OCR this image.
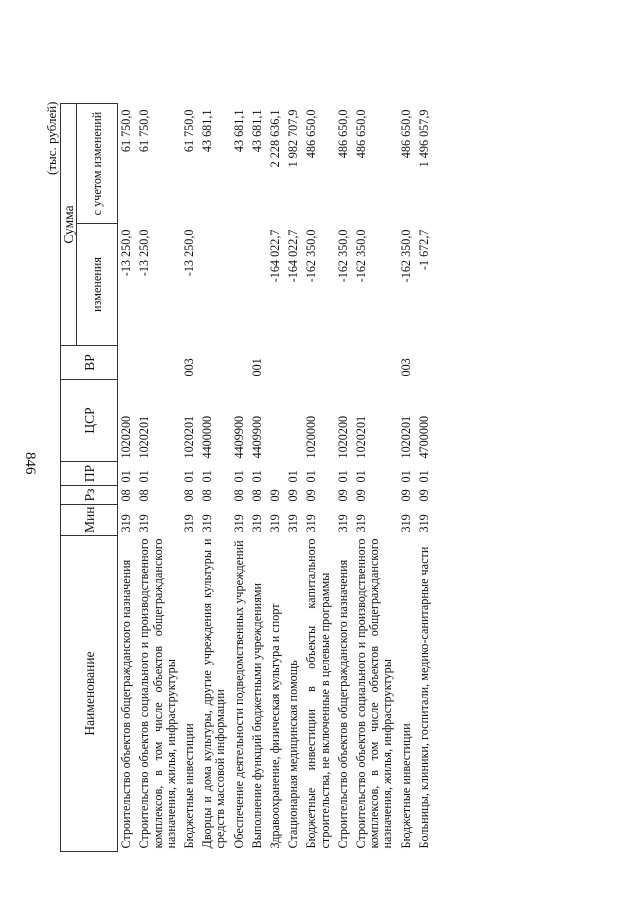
846
(тыс. рублей)
Наименование	Мин	Рз	ПР	ЦСР	ВР	Сумма	
						изменения	с учетом изменений
Строительство объектов общегражданского назначения	319	08	01	1020200		-13 250,0	61 750,0
Строительство объектов социального и производственного комплексов, в том числе объектов общегражданского назначения, жилья, инфраструктуры	319	08	01	1020201		-13 250,0	61 750,0
Бюджетные инвестиции	319	08	01	1020201	003	-13 250,0	61 750,0
Дворцы и дома культуры, другие учреждения культуры и средств массовой информации	319	08	01	4400000			43 681,1
Обеспечение деятельности подведомственных учреждений	319	08	01	4409900			43 681,1
Выполнение функций бюджетными учреждениями	319	08	01	4409900	001		43 681,1
Здравоохранение, физическая культура и спорт	319	09				-164 022,7	2 228 636,1
Стационарная медицинская помощь	319	09	01			-164 022,7	1 982 707,9
Бюджетные инвестиции в объекты капитального строительства, не включенные в целевые программы	319	09	01	1020000		-162 350,0	486 650,0
Строительство объектов общегражданского назначения	319	09	01	1020200		-162 350,0	486 650,0
Строительство объектов социального и производственного комплексов, в том числе объектов общегражданского назначения, жилья, инфраструктуры	319	09	01	1020201		-162 350,0	486 650,0
Бюджетные инвестиции	319	09	01	1020201	003	-162 350,0	486 650,0
Больницы, клиники, госпитали, медико-санитарные части	319	09	01	4700000		-1 672,7	1 496 057,9
